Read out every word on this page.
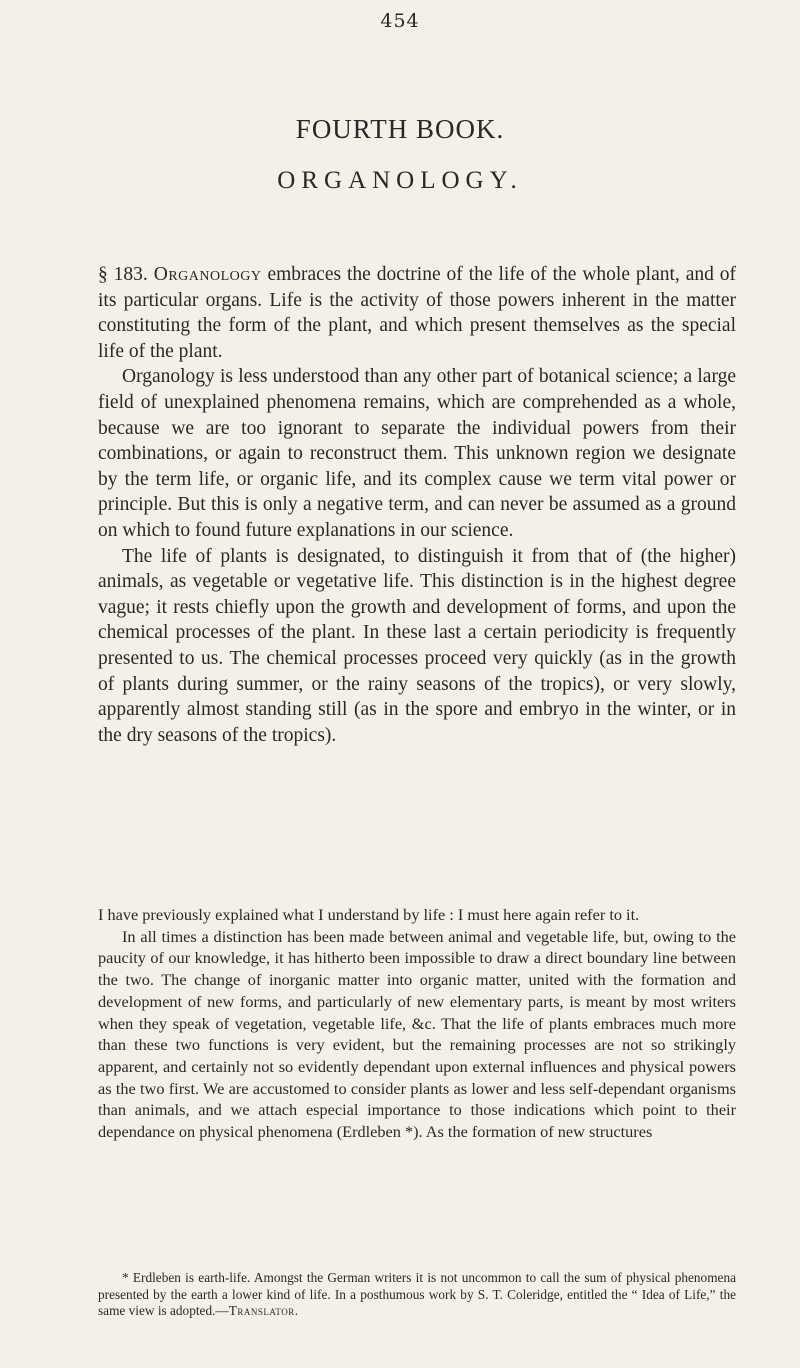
454
FOURTH BOOK.
ORGANOLOGY.

§ 183. Organology embraces the doctrine of the life of the whole plant, and of its particular organs. Life is the activity of those powers inherent in the matter constituting the form of the plant, and which present themselves as the special life of the plant.

Organology is less understood than any other part of botanical science; a large field of unexplained phenomena remains, which are comprehended as a whole, because we are too ignorant to separate the individual powers from their combinations, or again to reconstruct them. This unknown region we designate by the term life, or organic life, and its complex cause we term vital power or principle. But this is only a negative term, and can never be assumed as a ground on which to found future explanations in our science.

The life of plants is designated, to distinguish it from that of (the higher) animals, as vegetable or vegetative life. This distinction is in the highest degree vague; it rests chiefly upon the growth and development of forms, and upon the chemical processes of the plant. In these last a certain periodicity is frequently presented to us. The chemical processes proceed very quickly (as in the growth of plants during summer, or the rainy seasons of the tropics), or very slowly, apparently almost standing still (as in the spore and embryo in the winter, or in the dry seasons of the tropics).

I have previously explained what I understand by life : I must here again refer to it.

In all times a distinction has been made between animal and vegetable life, but, owing to the paucity of our knowledge, it has hitherto been impossible to draw a direct boundary line between the two. The change of inorganic matter into organic matter, united with the formation and development of new forms, and particularly of new elementary parts, is meant by most writers when they speak of vegetation, vegetable life, &c. That the life of plants embraces much more than these two functions is very evident, but the remaining processes are not so strikingly apparent, and certainly not so evidently dependant upon external influences and physical powers as the two first. We are accustomed to consider plants as lower and less self-dependant organisms than animals, and we attach especial importance to those indications which point to their dependance on physical phenomena (Erdleben *). As the formation of new structures

* Erdleben is earth-life. Amongst the German writers it is not uncommon to call the sum of physical phenomena presented by the earth a lower kind of life. In a posthumous work by S. T. Coleridge, entitled the “ Idea of Life,” the same view is adopted.—Translator.
